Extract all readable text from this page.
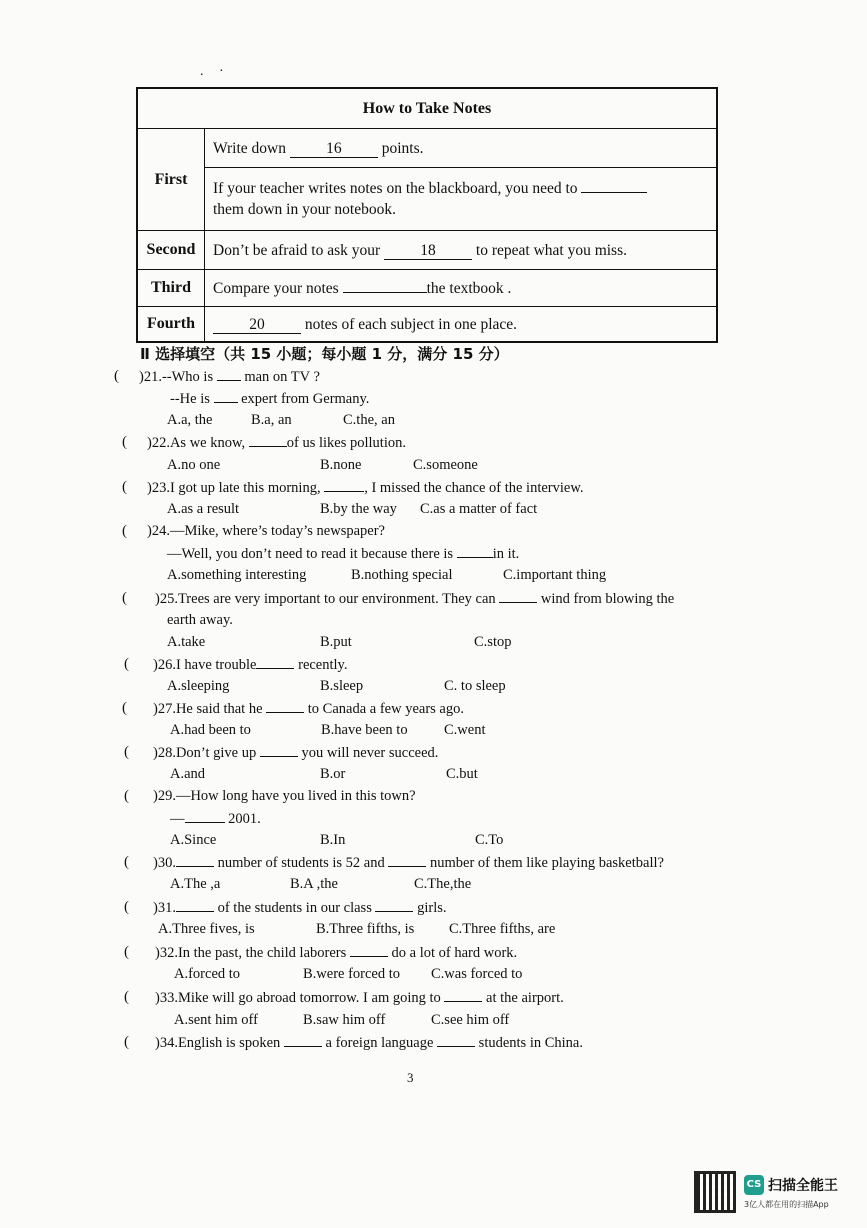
. ·
How to Take Notes	
First	Write down 16 points.
	If your teacher writes notes on the blackboard, you need to
them down in your notebook.
Second	Don’t be afraid to ask your 18 to repeat what you miss.
Third	Compare your notes the textbook .
Fourth	20 notes of each subject in one place.
Ⅱ 选择填空（共 15 小题；每小题 1 分，满分 15 分）
( )21.--Who is man on TV ?
--He is expert from Germany.
A.a, the	B.a, an	C.the, an
( )22.As we know,	of us likes pollution.
A.no one	B.none	C.someone
( )23.I got up late this morning,	, I missed the chance of the interview.
A.as a result	B.by the way C.as a matter of fact
( )24.—Mike, where’s today’s newspaper?
—Well, you don’t need to read it because there is	in it.
A.something interesting	B.nothing special	C.important thing
( )25.Trees are very important to our environment. They can	wind from blowing the
earth away.
A.take	B.put	C.stop
( )26.I have trouble	recently.
A.sleeping	B.sleep	C. to sleep
( )27.He said that he	to Canada a few years ago.
A.had been to	B.have been to	C.went
( )28.Don’t give up	you will never succeed.
A.and	B.or	C.but
( )29.—How long have you lived in this town?
—	2001.
A.Since	B.In	C.To
( )30.	number of students is 52 and	number of them like playing basketball?
A.The ,a	B.A ,the	C.The,the
( )31.	of the students in our class	girls.
A.Three fives, is	B.Three fifths, is C.Three fifths, are
( )32.In the past, the child laborers	do a lot of hard work.
A.forced to	B.were forced to C.was forced to
( )33.Mike will go abroad tomorrow. I am going to	at the airport.
A.sent him off	B.saw him off	C.see him off
( )34.English is spoken	a foreign language	students in China.
3
CS 扫描全能王
3亿人都在用的扫描App
